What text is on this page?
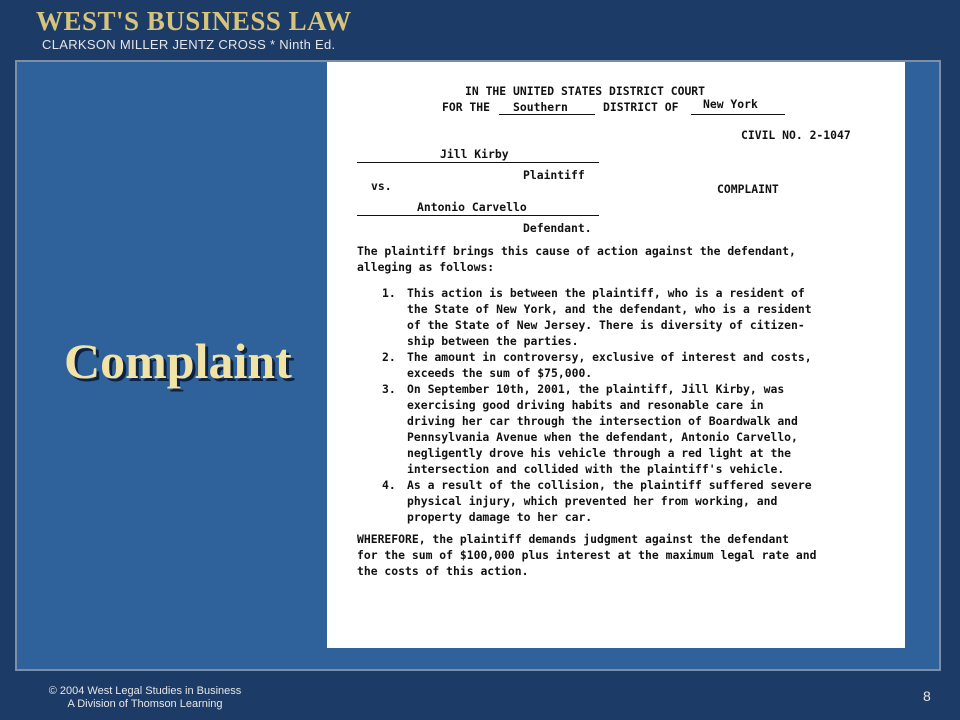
WEST'S BUSINESS LAW
CLARKSON MILLER JENTZ CROSS * Ninth Ed.
Complaint
IN THE UNITED STATES DISTRICT COURT
FOR THE Southern	DISTRICT OF New York
CIVIL NO. 2-1047
Jill Kirby
Plaintiff
vs.	COMPLAINT
Antonio Carvello
Defendant.
The plaintiff brings this cause of action against the defendant,
alleging as follows:
1. This action is between the plaintiff, who is a resident of
the State of New York, and the defendant, who is a resident
of the State of New Jersey. There is diversity of citizen-
ship between the parties.
2. The amount in controversy, exclusive of interest and costs,
exceeds the sum of $75,000.
3. On September 10th, 2001, the plaintiff, Jill Kirby, was
exercising good driving habits and resonable care in
driving her car through the intersection of Boardwalk and
Pennsylvania Avenue when the defendant, Antonio Carvello,
negligently drove his vehicle through a red light at the
intersection and collided with the plaintiff's vehicle.
4. As a result of the collision, the plaintiff suffered severe
physical injury, which prevented her from working, and
property damage to her car.
WHEREFORE, the plaintiff demands judgment against the defendant
for the sum of $100,000 plus interest at the maximum legal rate and
the costs of this action.
© 2004 West Legal Studies in Business
A Division of Thomson Learning	8
